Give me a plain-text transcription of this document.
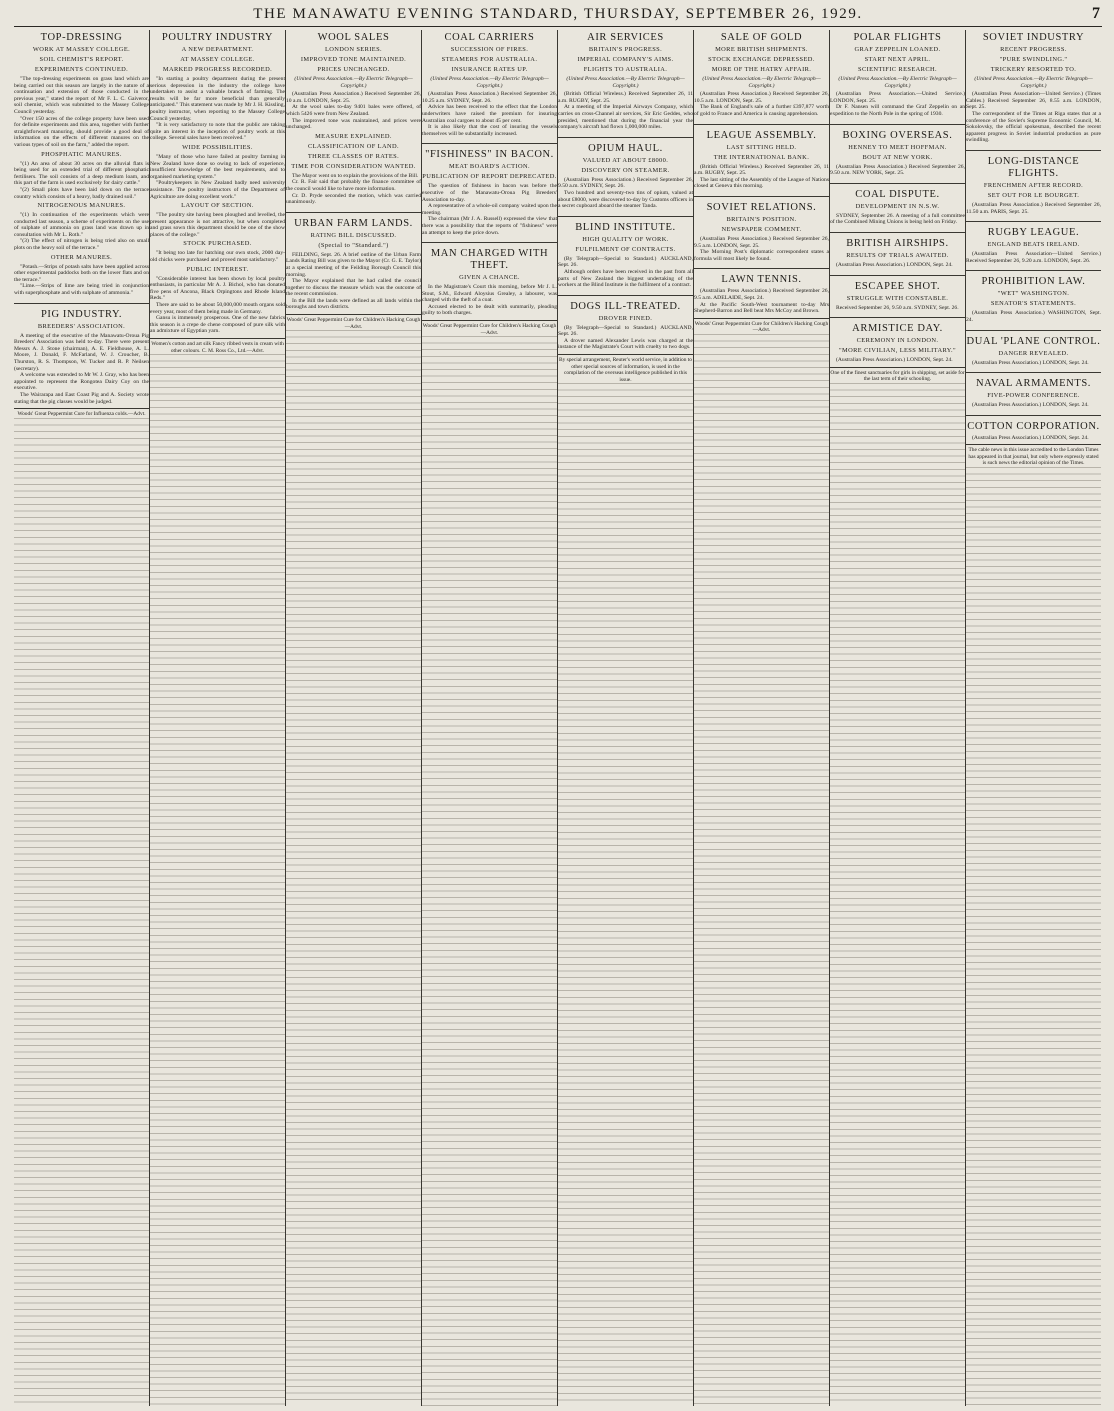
THE MANAWATU EVENING STANDARD, THURSDAY, SEPTEMBER 26, 1929.	7
TOP-DRESSING
WORK AT MASSEY COLLEGE.
SOIL CHEMIST'S REPORT.
EXPERIMENTS CONTINUED.

"The top-dressing experiments on grass land which are being carried out this season are largely in the nature of a continuation and extension of those conducted in the previous year," stated the report of Mr F. L. C. Gaiveror, soil chemist, which was submitted to the Massey College Council yesterday.

"Over 150 acres of the college property have been used for definite experiments and this area, together with further straightforward manuring, should provide a good deal of information on the effects of different manures on the various types of soil on the farm," added the report.

PHOSPHATIC MANURES.

"(1) An area of about 30 acres on the alluvial flats is being used for an extended trial of different phosphatic fertilisers. The soil consists of a deep medium loam, and this part of the farm is used exclusively for dairy cattle."

"(2) Small plots have been laid down on the terrace country which consists of a heavy, badly drained soil."

NITROGENOUS MANURES.

"(1) In continuation of the experiments which were conducted last season, a scheme of experiments on the use of sulphate of ammonia on grass land was drawn up in consultation with Mr L. Roth."

"(3) The effect of nitrogen is being tried also on small plots on the heavy soil of the terrace."

OTHER MANURES.

"Potash.—Strips of potash salts have been applied across other experimental paddocks both on the lower flats and on the terrace."

"Lime.—Strips of lime are being tried in conjunction with superphosphate and with sulphate of ammonia."

PIG INDUSTRY.
BREEDERS' ASSOCIATION.

A meeting of the executive of the Manawatu-Oroua Pig Breeders' Association was held to-day. There were present Messrs A. J. Stone (chairman), A. E. Fieldhouse, A. L. Moore, J. Donald, F. McFarland, W. J. Croucher, B. Thurston, R. S. Thompson, W. Tucker and R. P. Neilsen (secretary).

A welcome was extended to Mr W. J. Gray, who has been appointed to represent the Rongotea Dairy Coy on the executive.

The Wairarapa and East Coast Pig and A. Society wrote stating that the pig classes would be judged.

Woods' Great Peppermint Cure for Influenza colds.—Advt.
POULTRY INDUSTRY
A NEW DEPARTMENT.
AT MASSEY COLLEGE.
MARKED PROGRESS RECORDED.

"In starting a poultry department during the present serious depression in the industry the college have undertaken to assist a valuable branch of farming. The results will be far more beneficial than generally anticipated." This statement was made by Mr J. H. Kissling, poultry instructor, when reporting to the Massey College Council yesterday.

"It is very satisfactory to note that the public are taking quite an interest in the inception of poultry work at this college. Several sales have been received."

WIDE POSSIBILITIES.

"Many of those who have failed at poultry farming in New Zealand have done so owing to lack of experience, insufficient knowledge of the best requirements, and to organised marketing system."

"Poultrykeepers in New Zealand badly need university assistance. The poultry instructors of the Department of Agriculture are doing excellent work."

LAYOUT OF SECTION.

"The poultry site having been ploughed and levelled, the present appearance is not attractive, but when completed and grass sown this department should be one of the show places of the college."

STOCK PURCHASED.

"It being too late for hatching our own stock, 2000 day-old chicks were purchased and proved most satisfactory."

PUBLIC INTEREST.

"Considerable interest has been shown by local poultry enthusiasts, in particular Mr A. J. Bichol, who has donated five pens of Ancona, Black Orpingtons and Rhode Island Reds."

There are said to be about 50,000,000 mouth organs sold every year, most of them being made in Germany.

Gansu is immensely prosperous. One of the new fabrics this season is a crepe de chene composed of pure silk with an admixture of Egyptian yarn.

Women's cotton and art silk Fancy ribbed vests in cream with other colours. C. M. Ross Co., Ltd.—Advt.
WOOL SALES
LONDON SERIES.
IMPROVED TONE MAINTAINED.
PRICES UNCHANGED.
(United Press Association.—By Electric Telegraph—Copyright.)

(Australian Press Association.) Received September 26, 10 a.m. LONDON, Sept. 25.

At the wool sales to-day 9401 bales were offered, of which 5426 were from New Zealand.

The improved tone was maintained, and prices were unchanged.

MEASURE EXPLAINED.
CLASSIFICATION OF LAND.
THREE CLASSES OF RATES.
TIME FOR CONSIDERATION WANTED.

The Mayor went on to explain the provisions of the Bill.

Cr. R. Fair said that probably the finance committee of the council would like to have more information.

Cr. D. Pryde seconded the motion, which was carried unanimously.

URBAN FARM LANDS.
RATING BILL DISCUSSED.
(Special to "Standard.")

FEILDING, Sept. 26. A brief outline of the Urban Farm Lands Rating Bill was given to the Mayor (Cr. G. E. Taylor) at a special meeting of the Feilding Borough Council this morning.

The Mayor explained that he had called the council together to discuss the measure which was the outcome of the recent commission.

In the Bill the lands were defined as all lands within the boroughs and town districts.

Woods' Great Peppermint Cure for Children's Hacking Cough—Advt.
COAL CARRIERS
SUCCESSION OF FIRES.
STEAMERS FOR AUSTRALIA.
INSURANCE RATES UP.
(United Press Association.—By Electric Telegraph—Copyright.)

(Australian Press Association.) Received September 26, 10.25 a.m. SYDNEY, Sept. 26.

Advice has been received to the effect that the London underwriters have raised the premium for insuring Australian coal cargoes to about 45 per cent.

It is also likely that the cost of insuring the vessels themselves will be substantially increased.

"FISHINESS" IN BACON.
MEAT BOARD'S ACTION.
PUBLICATION OF REPORT DEPRECATED.

The question of fishiness in bacon was before the executive of the Manawatu-Oroua Pig Breeders' Association to-day.

A representative of a whole-oil company waited upon the meeting.

The chairman (Mr J. A. Russell) expressed the view that there was a possibility that the reports of "fishiness" were an attempt to keep the price down.

MAN CHARGED WITH THEFT.
GIVEN A CHANCE.

In the Magistrate's Court this morning, before Mr J. L. Stout, S.M., Edward Aloysius Grealey, a labourer, was charged with the theft of a coat.

Accused elected to be dealt with summarily, pleading guilty to both charges.

Woods' Great Peppermint Cure for Children's Hacking Cough—Advt.
AIR SERVICES
BRITAIN'S PROGRESS.
IMPERIAL COMPANY'S AIMS.
FLIGHTS TO AUSTRALIA.
(United Press Association.—By Electric Telegraph—Copyright.)

(British Official Wireless.) Received September 26, 11 a.m. RUGBY, Sept. 25.

At a meeting of the Imperial Airways Company, which carries on cross-Channel air services, Sir Eric Geddes, who presided, mentioned that during the financial year the company's aircraft had flown 1,000,000 miles.

OPIUM HAUL.
VALUED AT ABOUT £8000.
DISCOVERY ON STEAMER.

(Australian Press Association.) Received September 26, 9.50 a.m. SYDNEY, Sept. 26.

Two hundred and seventy-two tins of opium, valued at about £8000, were discovered to-day by Customs officers in a secret cupboard aboard the steamer Tanda.

BLIND INSTITUTE.
HIGH QUALITY OF WORK.
FULFILMENT OF CONTRACTS.

(By Telegraph—Special to Standard.) AUCKLAND, Sept. 26.

Although orders have been received in the past from all parts of New Zealand the biggest undertaking of the workers at the Blind Institute is the fulfilment of a contract.

DOGS ILL-TREATED.
DROVER FINED.

(By Telegraph—Special to Standard.) AUCKLAND, Sept. 26.

A drover named Alexander Lewis was charged at the instance of the Magistrate's Court with cruelty to two dogs.

By special arrangement, Reuter's world service, in addition to other special sources of information, is used in the compilation of the overseas intelligence published in this issue.
SALE OF GOLD
MORE BRITISH SHIPMENTS.
STOCK EXCHANGE DEPRESSED.
MORE OF THE HATRY AFFAIR.
(United Press Association.—By Electric Telegraph—Copyright.)

(Australian Press Association.) Received September 26, 10.5 a.m. LONDON, Sept. 25.

The Bank of England's sale of a further £397,877 worth of gold to France and America is causing apprehension.

LEAGUE ASSEMBLY.
LAST SITTING HELD.
THE INTERNATIONAL BANK.

(British Official Wireless.) Received September 26, 11 a.m. RUGBY, Sept. 25.

The last sitting of the Assembly of the League of Nations closed at Geneva this morning.

SOVIET RELATIONS.
BRITAIN'S POSITION.
NEWSPAPER COMMENT.

(Australian Press Association.) Received September 26, 9.5 a.m. LONDON, Sept. 25.

The Morning Post's diplomatic correspondent states a formula will most likely be found.

LAWN TENNIS.

(Australian Press Association.) Received September 26, 9.5 a.m. ADELAIDE, Sept. 24.

At the Pacific South-West tournament to-day Mrs Shepherd-Barron and Bell beat Mrs McCoy and Brown.

Woods' Great Peppermint Cure for Children's Hacking Cough—Advt.
POLAR FLIGHTS
GRAF ZEPPELIN LOANED.
START NEXT APRIL.
SCIENTIFIC RESEARCH.
(United Press Association.—By Electric Telegraph—Copyright.)

(Australian Press Association.—United Service.) LONDON, Sept. 25.

Dr F. Nansen will command the Graf Zeppelin on an expedition to the North Pole in the spring of 1930.

BOXING OVERSEAS.
HENNEY TO MEET HOFFMAN.
BOUT AT NEW YORK.

(Australian Press Association.) Received September 26, 9.50 a.m. NEW YORK, Sept. 25.

COAL DISPUTE.
DEVELOPMENT IN N.S.W.

SYDNEY, September 26. A meeting of a full committee of the Combined Mining Unions is being held on Friday.

BRITISH AIRSHIPS.
RESULTS OF TRIALS AWAITED.

(Australian Press Association.) LONDON, Sept. 24.

ESCAPEE SHOT.
STRUGGLE WITH CONSTABLE.

Received September 26, 9.50 a.m. SYDNEY, Sept. 26.

ARMISTICE DAY.
CEREMONY IN LONDON.
"MORE CIVILIAN, LESS MILITARY."

(Australian Press Association.) LONDON, Sept. 24.

One of the finest sanctuaries for girls in shipping, set aside for the last term of their schooling.
SOVIET INDUSTRY
RECENT PROGRESS.
"PURE SWINDLING."
TRICKERY RESORTED TO.
(United Press Association.—By Electric Telegraph—Copyright.)

(Australian Press Association—United Service.) (Times Cables.) Received September 26, 8.55 a.m. LONDON, Sept. 25.

The correspondent of the Times at Riga states that at a conference of the Soviet's Supreme Economic Council, M. Sokolovsky, the official spokesman, described the recent apparent progress in Soviet industrial production as pure swindling.

LONG-DISTANCE FLIGHTS.
FRENCHMEN AFTER RECORD.
SET OUT FOR LE BOURGET.

(Australian Press Association.) Received September 26, 11.50 a.m. PARIS, Sept. 25.

RUGBY LEAGUE.
ENGLAND BEATS IRELAND.

(Australian Press Association—United Service.) Received September 26, 9.20 a.m. LONDON, Sept. 26.

PROHIBITION LAW.
"WET" WASHINGTON.
SENATOR'S STATEMENTS.

(Australian Press Association.) WASHINGTON, Sept. 24.

DUAL 'PLANE CONTROL.
DANGER REVEALED.

(Australian Press Association.) LONDON, Sept. 24.

NAVAL ARMAMENTS.
FIVE-POWER CONFERENCE.

(Australian Press Association.) LONDON, Sept. 24.

COTTON CORPORATION.

(Australian Press Association.) LONDON, Sept. 24.

The cable news in this issue accredited to the London Times has appeared in that journal, but only where expressly stated is such news the editorial opinion of the Times.
